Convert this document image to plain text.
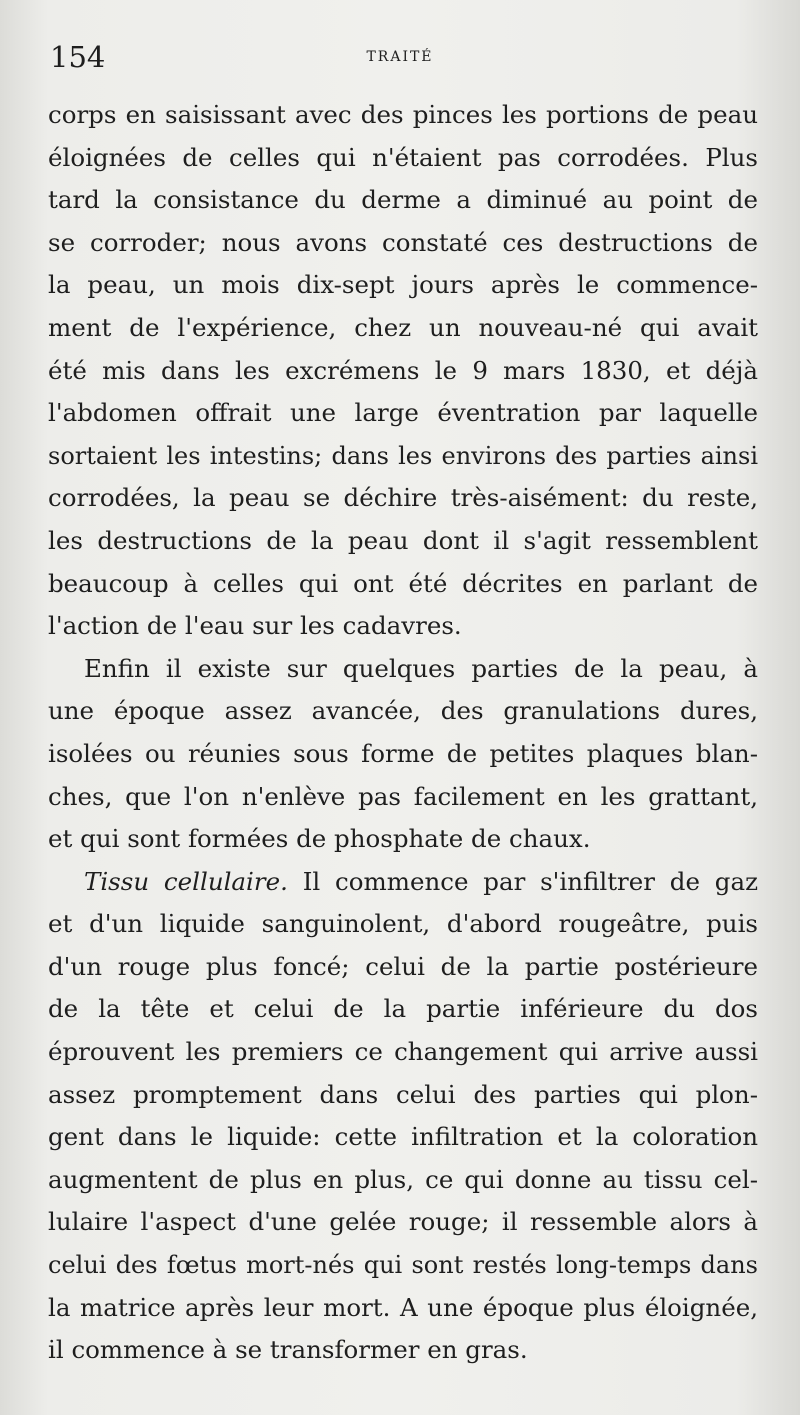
154	TRAITÉ
corps en saisissant avec des pinces les portions de peau
éloignées de celles qui n'étaient pas corrodées. Plus
tard la consistance du derme a diminué au point de
se corroder; nous avons constaté ces destructions de
la peau, un mois dix-sept jours après le commence-
ment de l'expérience, chez un nouveau-né qui avait
été mis dans les excrémens le 9 mars 1830, et déjà
l'abdomen offrait une large éventration par laquelle
sortaient les intestins; dans les environs des parties ainsi
corrodées, la peau se déchire très-aisément: du reste,
les destructions de la peau dont il s'agit ressemblent
beaucoup à celles qui ont été décrites en parlant de
l'action de l'eau sur les cadavres.
Enfin il existe sur quelques parties de la peau, à
une époque assez avancée, des granulations dures,
isolées ou réunies sous forme de petites plaques blan-
ches, que l'on n'enlève pas facilement en les grattant,
et qui sont formées de phosphate de chaux.
Tissu cellulaire. Il commence par s'infiltrer de gaz
et d'un liquide sanguinolent, d'abord rougeâtre, puis
d'un rouge plus foncé; celui de la partie postérieure
de la tête et celui de la partie inférieure du dos
éprouvent les premiers ce changement qui arrive aussi
assez promptement dans celui des parties qui plon-
gent dans le liquide: cette infiltration et la coloration
augmentent de plus en plus, ce qui donne au tissu cel-
lulaire l'aspect d'une gelée rouge; il ressemble alors à
celui des fœtus mort-nés qui sont restés long-temps dans
la matrice après leur mort. A une époque plus éloignée,
il commence à se transformer en gras.
